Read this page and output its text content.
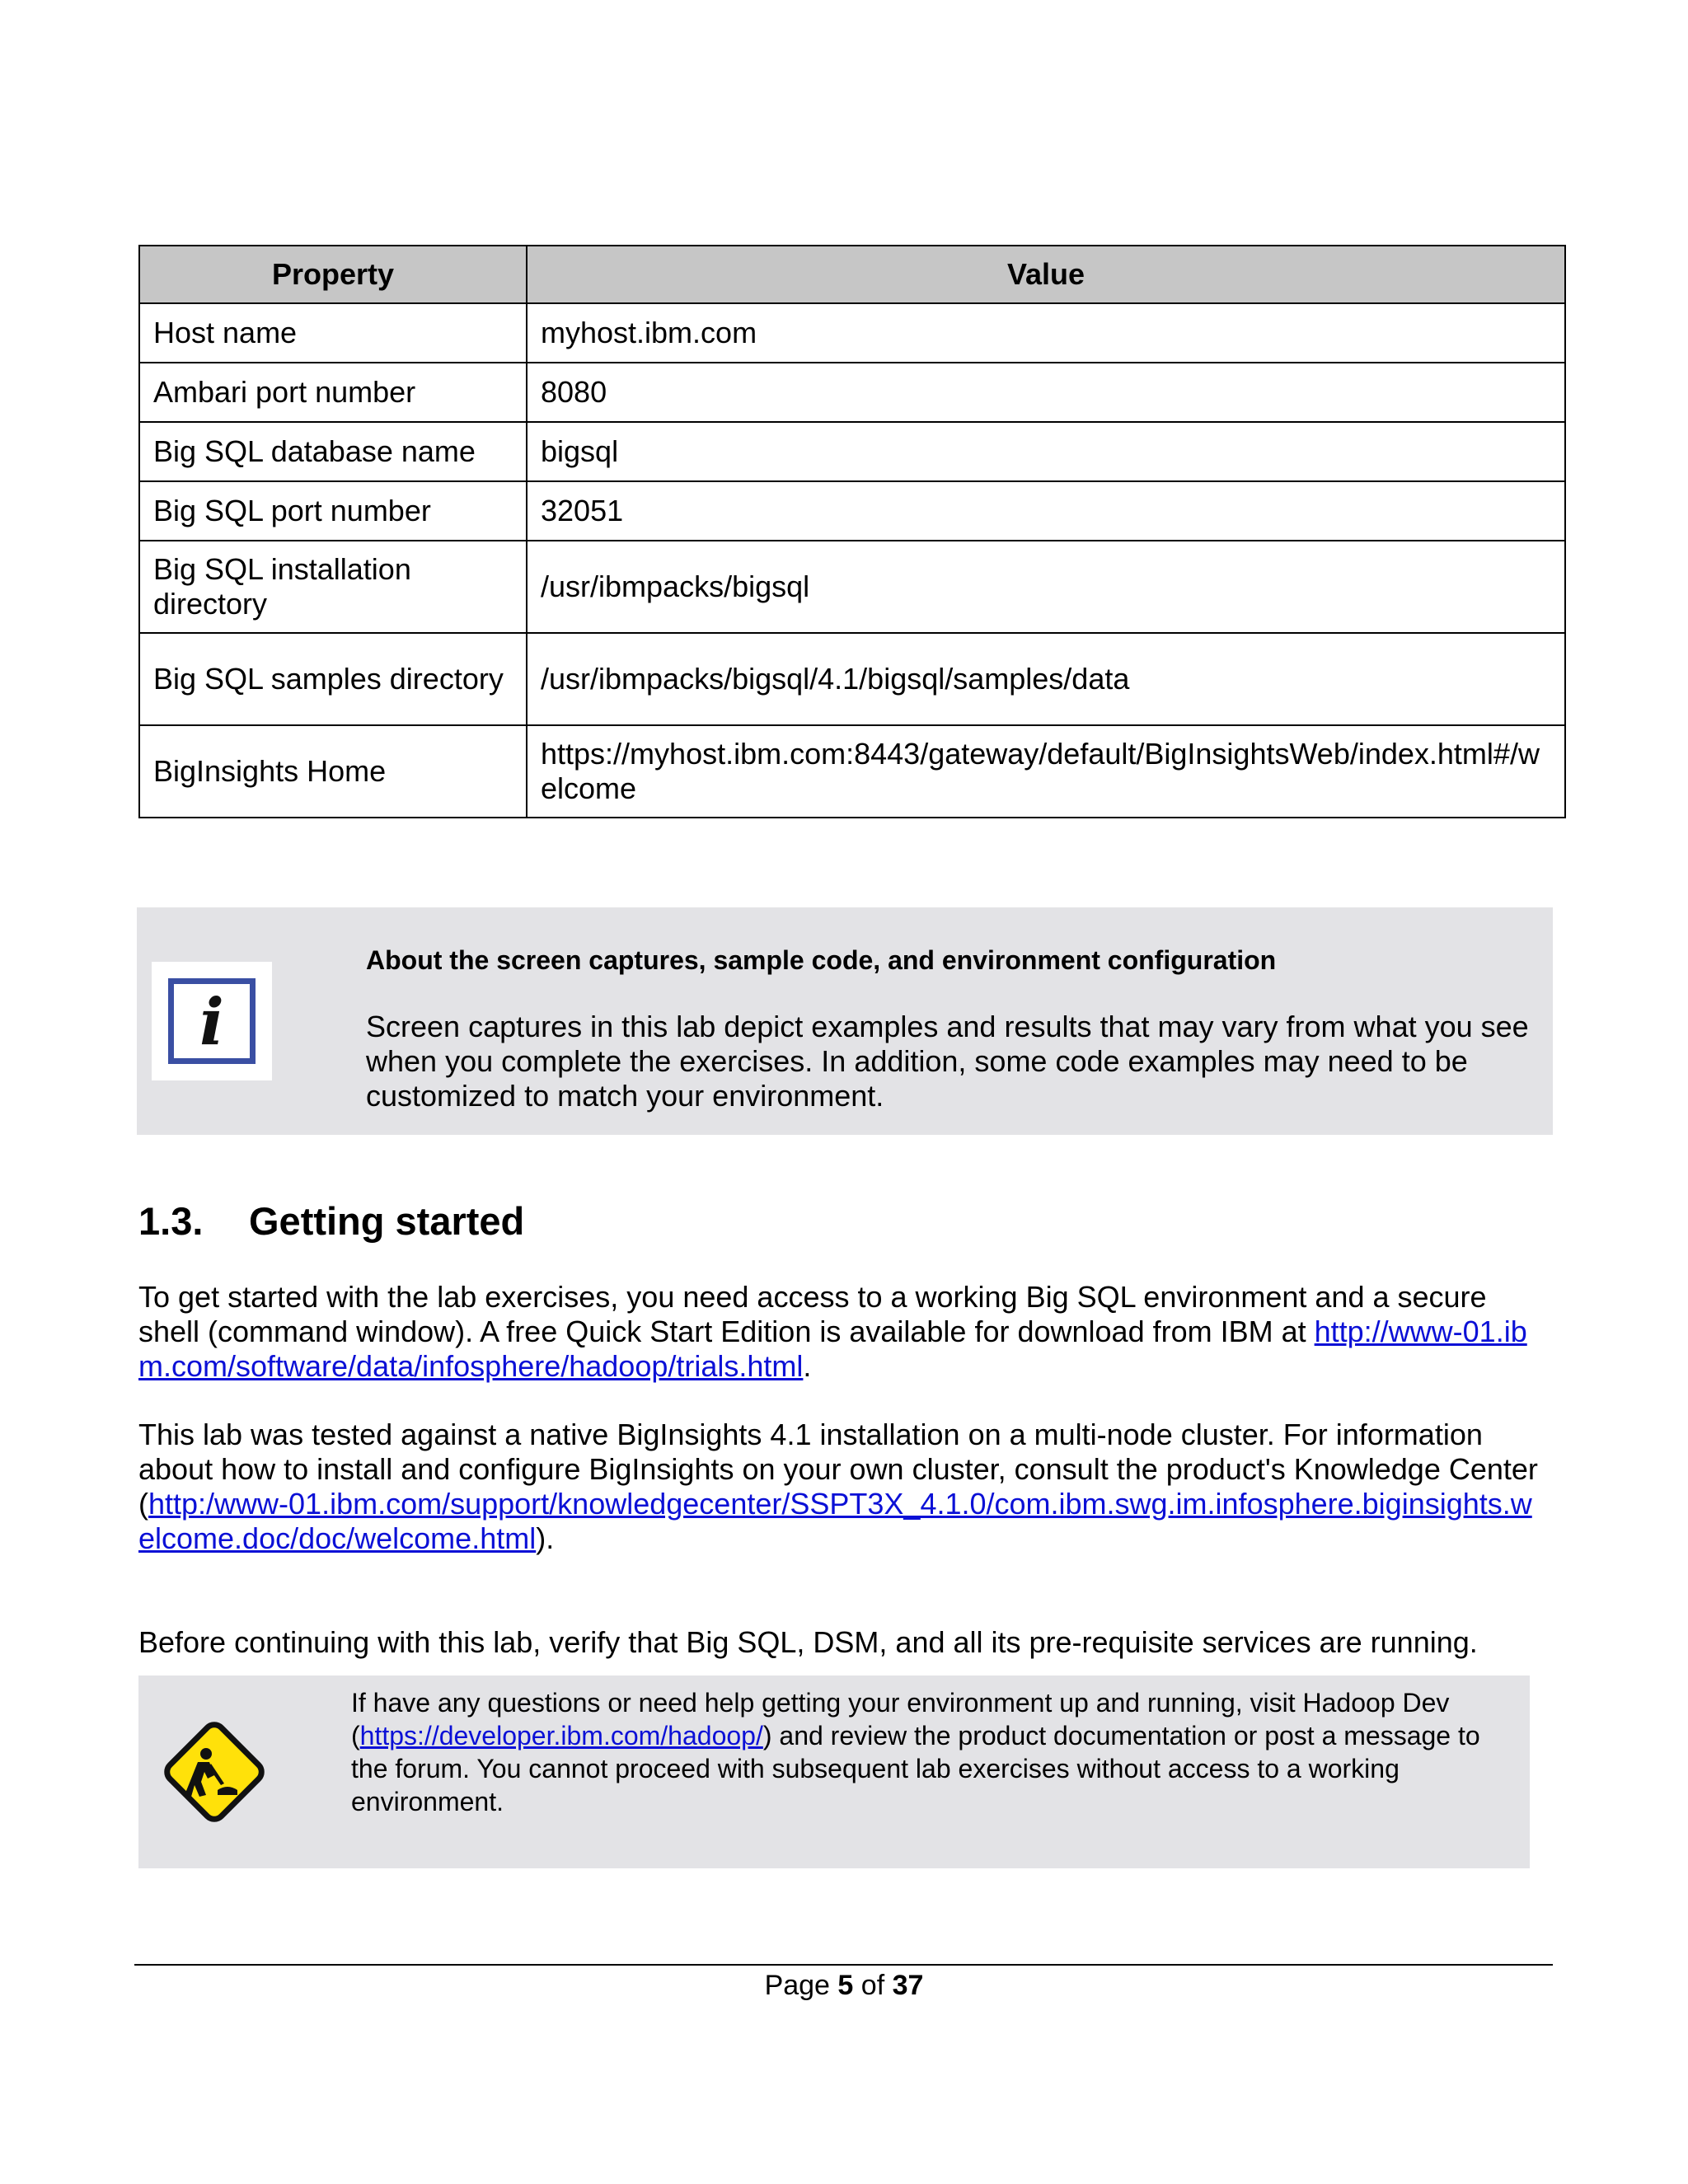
Property	Value
Host name	myhost.ibm.com
Ambari port number	8080
Big SQL database name	bigsql
Big SQL port number	32051
Big SQL installation directory	/usr/ibmpacks/bigsql
Big SQL samples directory	/usr/ibmpacks/bigsql/4.1/bigsql/samples/data
BigInsights Home	https://myhost.ibm.com:8443/gateway/default/BigInsightsWeb/index.html#/welcome
i
About the screen captures, sample code, and environment configuration
Screen captures in this lab depict examples and results that may vary from what you see when you complete the exercises. In addition, some code examples may need to be customized to match your environment.
1.3. Getting started
To get started with the lab exercises, you need access to a working Big SQL environment and a secure shell (command window). A free Quick Start Edition is available for download from IBM at http://www-01.ibm.com/software/data/infosphere/hadoop/trials.html.
This lab was tested against a native BigInsights 4.1 installation on a multi-node cluster. For information about how to install and configure BigInsights on your own cluster, consult the product's Knowledge Center (http:/www-01.ibm.com/support/knowledgecenter/SSPT3X_4.1.0/com.ibm.swg.im.infosphere.biginsights.welcome.doc/doc/welcome.html).
Before continuing with this lab, verify that Big SQL, DSM, and all its pre-requisite services are running.
If have any questions or need help getting your environment up and running, visit Hadoop Dev (https://developer.ibm.com/hadoop/) and review the product documentation or post a message to the forum. You cannot proceed with subsequent lab exercises without access to a working environment.
Page 5 of 37
